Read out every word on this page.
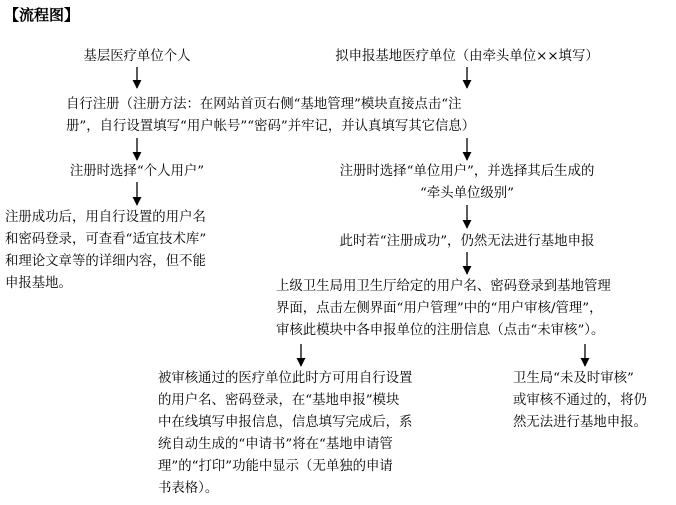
【流程图】
基层医疗单位个人	拟申报基地医疗单位（由牵头单位××填写）
自行注册（注册方法：在网站首页右侧“基地管理”模块直接点击“注
册”，自行设置填写“用户帐号”“密码”并牢记，并认真填写其它信息）
注册时选择“个人用户”	注册时选择“单位用户”，并选择其后生成的
“牵头单位级别”
注册成功后，用自行设置的用户名
和密码登录，可查看“适宜技术库”
和理论文章等的详细内容，但不能
申报基地。
此时若“注册成功”，仍然无法进行基地申报
上级卫生局用卫生厅给定的用户名、密码登录到基地管理
界面，点击左侧界面“用户管理”中的“用户审核/管理”，
审核此模块中各申报单位的注册信息（点击“未审核”）。
被审核通过的医疗单位此时方可用自行设置
的用户名、密码登录，在“基地申报”模块
中在线填写申报信息，信息填写完成后，系
统自动生成的“申请书”将在“基地申请管
理”的“打印”功能中显示（无单独的申请
书表格）。
卫生局“未及时审核”
或审核不通过的，将仍
然无法进行基地申报。
